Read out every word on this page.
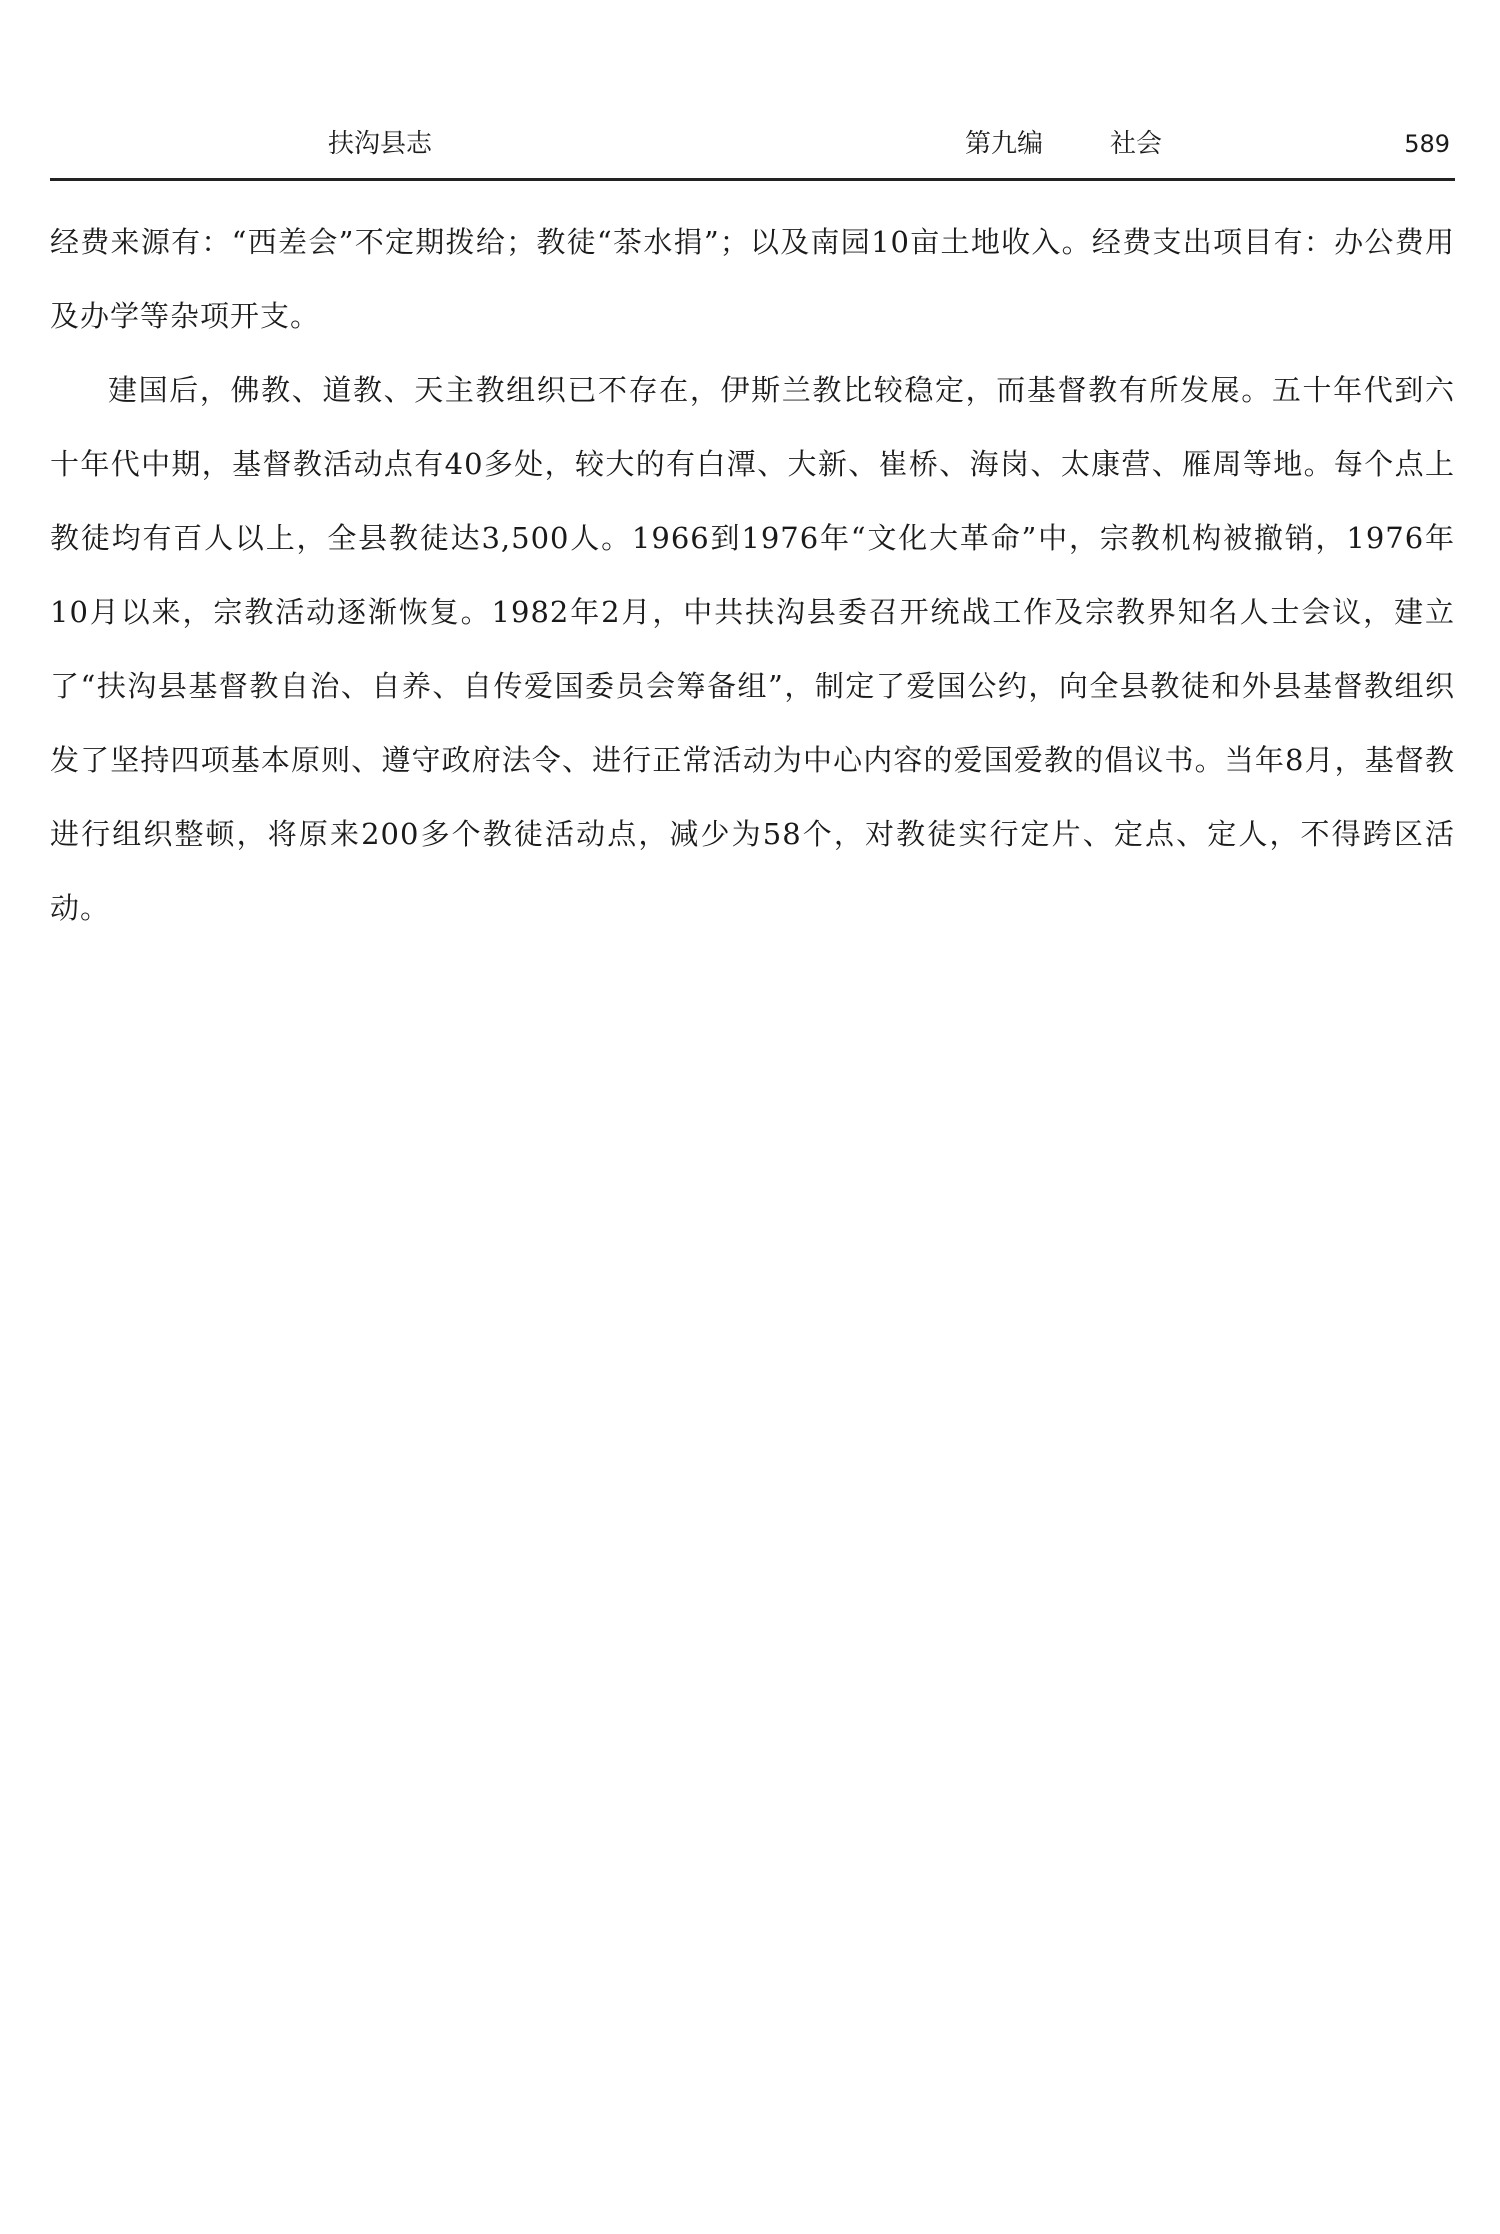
扶沟县志	第九编	社会	589

经费来源有：“西差会”不定期拨给；教徒“茶水捐”；以及南园10亩土地收入。经费支出项目有：办公费用及办学等杂项开支。

建国后，佛教、道教、天主教组织已不存在，伊斯兰教比较稳定，而基督教有所发展。五十年代到六十年代中期，基督教活动点有40多处，较大的有白潭、大新、崔桥、海岗、太康营、雁周等地。每个点上教徒均有百人以上，全县教徒达3,500人。1966到1976年“文化大革命”中，宗教机构被撤销，1976年10月以来，宗教活动逐渐恢复。1982年2月，中共扶沟县委召开统战工作及宗教界知名人士会议，建立了“扶沟县基督教自治、自养、自传爱国委员会筹备组”，制定了爱国公约，向全县教徒和外县基督教组织发了坚持四项基本原则、遵守政府法令、进行正常活动为中心内容的爱国爱教的倡议书。当年8月，基督教进行组织整顿，将原来200多个教徒活动点，减少为58个，对教徒实行定片、定点、定人，不得跨区活动。
